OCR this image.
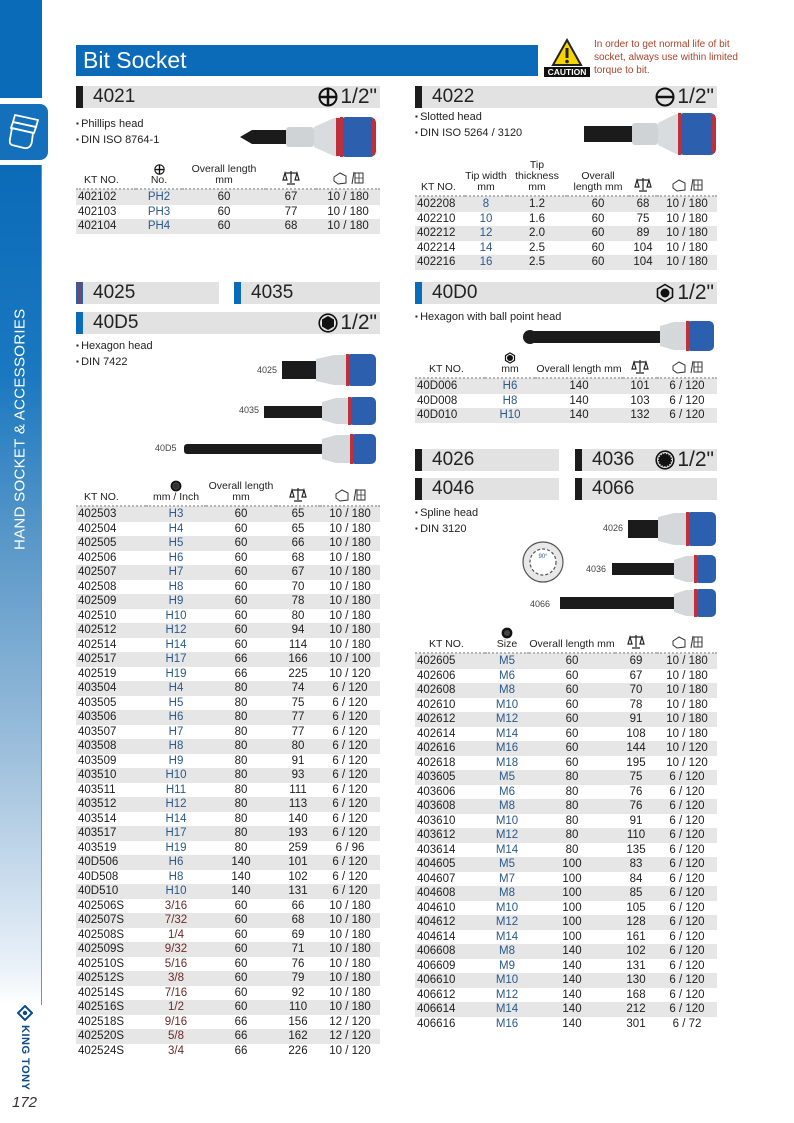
HAND SOCKET & ACCESSORIES
KING TONY
172
Bit Socket	CAUTION
In order to get normal life of bit socket, always use within limited torque to bit.
4021	1/2"
▪ Phillips head
▪ DIN ISO 8764-1
KT NO.	No.	Overall length mm	

402102	PH2	60	67	10 / 180
402103	PH3	60	77	10 / 180
402104	PH4	60	68	10 / 180
4022	1/2"
▪ Slotted head
▪ DIN ISO 5264 / 3120
KT NO.	Tip width mm	Tip thickness mm	Overall length mm	

402208	8	1.2	60	68	10 / 180
402210	10	1.6	60	75	10 / 180
402212	12	2.0	60	89	10 / 180
402214	14	2.5	60	104	10 / 180
402216	16	2.5	60	104	10 / 180
4025	4035
40D5	1/2"
▪ Hexagon head
▪ DIN 7422
4025
4035
40D5
KT NO.	mm / Inch	Overall length mm	

402503	H3	60	65	10 / 180
402504	H4	60	65	10 / 180
402505	H5	60	66	10 / 180
402506	H6	60	68	10 / 180
402507	H7	60	67	10 / 180
402508	H8	60	70	10 / 180
402509	H9	60	78	10 / 180
402510	H10	60	80	10 / 180
402512	H12	60	94	10 / 180
402514	H14	60	114	10 / 180
402517	H17	66	166	10 / 100
402519	H19	66	225	10 / 120
403504	H4	80	74	6 / 120
403505	H5	80	75	6 / 120
403506	H6	80	77	6 / 120
403507	H7	80	77	6 / 120
403508	H8	80	80	6 / 120
403509	H9	80	91	6 / 120
403510	H10	80	93	6 / 120
403511	H11	80	111	6 / 120
403512	H12	80	113	6 / 120
403514	H14	80	140	6 / 120
403517	H17	80	193	6 / 120
403519	H19	80	259	6 / 96
40D506	H6	140	101	6 / 120
40D508	H8	140	102	6 / 120
40D510	H10	140	131	6 / 120
402506S	3/16	60	66	10 / 180
402507S	7/32	60	68	10 / 180
402508S	1/4	60	69	10 / 180
402509S	9/32	60	71	10 / 180
402510S	5/16	60	76	10 / 180
402512S	3/8	60	79	10 / 180
402514S	7/16	60	92	10 / 180
402516S	1/2	60	110	10 / 180
402518S	9/16	66	156	12 / 120
402520S	5/8	66	162	12 / 120
402524S	3/4	66	226	10 / 120
40D0	1/2"
▪ Hexagon with ball point head
KT NO.	mm	Overall length mm	

40D006	H6	140	101	6 / 120
40D008	H8	140	103	6 / 120
40D010	H10	140	132	6 / 120
4026	4036 1/2"
4046	4066
▪ Spline head
▪ DIN 3120
90°
4026
4036
4066
KT NO.	Size	Overall length mm	

402605	M5	60	69	10 / 180
402606	M6	60	67	10 / 180
402608	M8	60	70	10 / 180
402610	M10	60	78	10 / 180
402612	M12	60	91	10 / 180
402614	M14	60	108	10 / 180
402616	M16	60	144	10 / 120
402618	M18	60	195	10 / 120
403605	M5	80	75	6 / 120
403606	M6	80	76	6 / 120
403608	M8	80	76	6 / 120
403610	M10	80	91	6 / 120
403612	M12	80	110	6 / 120
403614	M14	80	135	6 / 120
404605	M5	100	83	6 / 120
404607	M7	100	84	6 / 120
404608	M8	100	85	6 / 120
404610	M10	100	105	6 / 120
404612	M12	100	128	6 / 120
404614	M14	100	161	6 / 120
406608	M8	140	102	6 / 120
406609	M9	140	131	6 / 120
406610	M10	140	130	6 / 120
406612	M12	140	168	6 / 120
406614	M14	140	212	6 / 120
406616	M16	140	301	6 / 72
